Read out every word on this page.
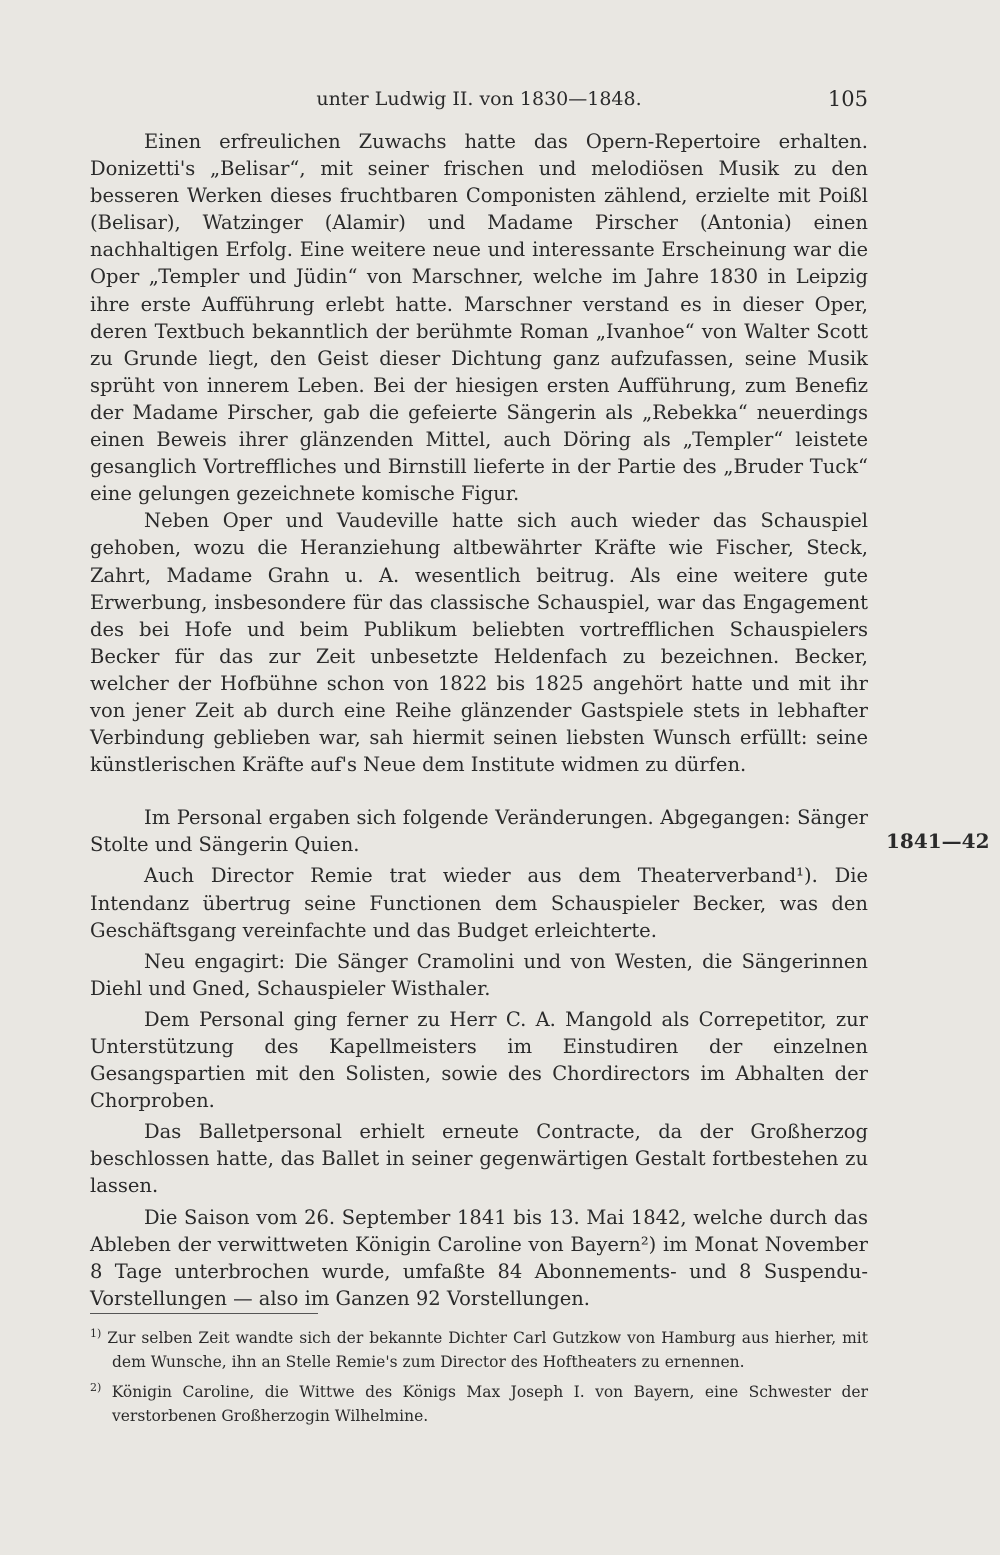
unter Ludwig II. von 1830—1848.	105

Einen erfreulichen Zuwachs hatte das Opern-Repertoire erhalten. Donizetti's „Belisar“, mit seiner frischen und melodiösen Musik zu den besseren Werken dieses fruchtbaren Componisten zählend, erzielte mit Poißl (Belisar), Watzinger (Alamir) und Madame Pirscher (Antonia) einen nachhaltigen Erfolg. Eine weitere neue und interessante Erscheinung war die Oper „Templer und Jüdin“ von Marschner, welche im Jahre 1830 in Leipzig ihre erste Aufführung erlebt hatte. Marschner verstand es in dieser Oper, deren Textbuch bekanntlich der berühmte Roman „Ivanhoe“ von Walter Scott zu Grunde liegt, den Geist dieser Dichtung ganz aufzufassen, seine Musik sprüht von innerem Leben. Bei der hiesigen ersten Aufführung, zum Benefiz der Madame Pirscher, gab die gefeierte Sängerin als „Rebekka“ neuerdings einen Beweis ihrer glänzenden Mittel, auch Döring als „Templer“ leistete gesanglich Vortreffliches und Birnstill lieferte in der Partie des „Bruder Tuck“ eine gelungen gezeichnete komische Figur.

Neben Oper und Vaudeville hatte sich auch wieder das Schauspiel gehoben, wozu die Heranziehung altbewährter Kräfte wie Fischer, Steck, Zahrt, Madame Grahn u. A. wesentlich beitrug. Als eine weitere gute Erwerbung, insbesondere für das classische Schauspiel, war das Engagement des bei Hofe und beim Publikum beliebten vortrefflichen Schauspielers Becker für das zur Zeit unbesetzte Heldenfach zu bezeichnen. Becker, welcher der Hofbühne schon von 1822 bis 1825 angehört hatte und mit ihr von jener Zeit ab durch eine Reihe glänzender Gastspiele stets in lebhafter Verbindung geblieben war, sah hiermit seinen liebsten Wunsch erfüllt: seine künstlerischen Kräfte auf's Neue dem Institute widmen zu dürfen.

Im Personal ergaben sich folgende Veränderungen. Abgegangen: Sänger Stolte und Sängerin Quien.

Auch Director Remie trat wieder aus dem Theaterverband¹). Die Intendanz übertrug seine Functionen dem Schauspieler Becker, was den Geschäftsgang vereinfachte und das Budget erleichterte.

Neu engagirt: Die Sänger Cramolini und von Westen, die Sängerinnen Diehl und Gned, Schauspieler Wisthaler.

Dem Personal ging ferner zu Herr C. A. Mangold als Correpetitor, zur Unterstützung des Kapellmeisters im Einstudiren der einzelnen Gesangspartien mit den Solisten, sowie des Chordirectors im Abhalten der Chorproben.

Das Balletpersonal erhielt erneute Contracte, da der Großherzog beschlossen hatte, das Ballet in seiner gegenwärtigen Gestalt fortbestehen zu lassen.

Die Saison vom 26. September 1841 bis 13. Mai 1842, welche durch das Ableben der verwittweten Königin Caroline von Bayern²) im Monat November 8 Tage unterbrochen wurde, umfaßte 84 Abonnements- und 8 Suspendu-Vorstellungen — also im Ganzen 92 Vorstellungen.

1841—42

$^{1)}$ Zur selben Zeit wandte sich der bekannte Dichter Carl Gutzkow von Hamburg aus hierher, mit dem Wunsche, ihn an Stelle Remie's zum Director des Hoftheaters zu ernennen.

$^{2)}$ Königin Caroline, die Wittwe des Königs Max Joseph I. von Bayern, eine Schwester der verstorbenen Großherzogin Wilhelmine.
